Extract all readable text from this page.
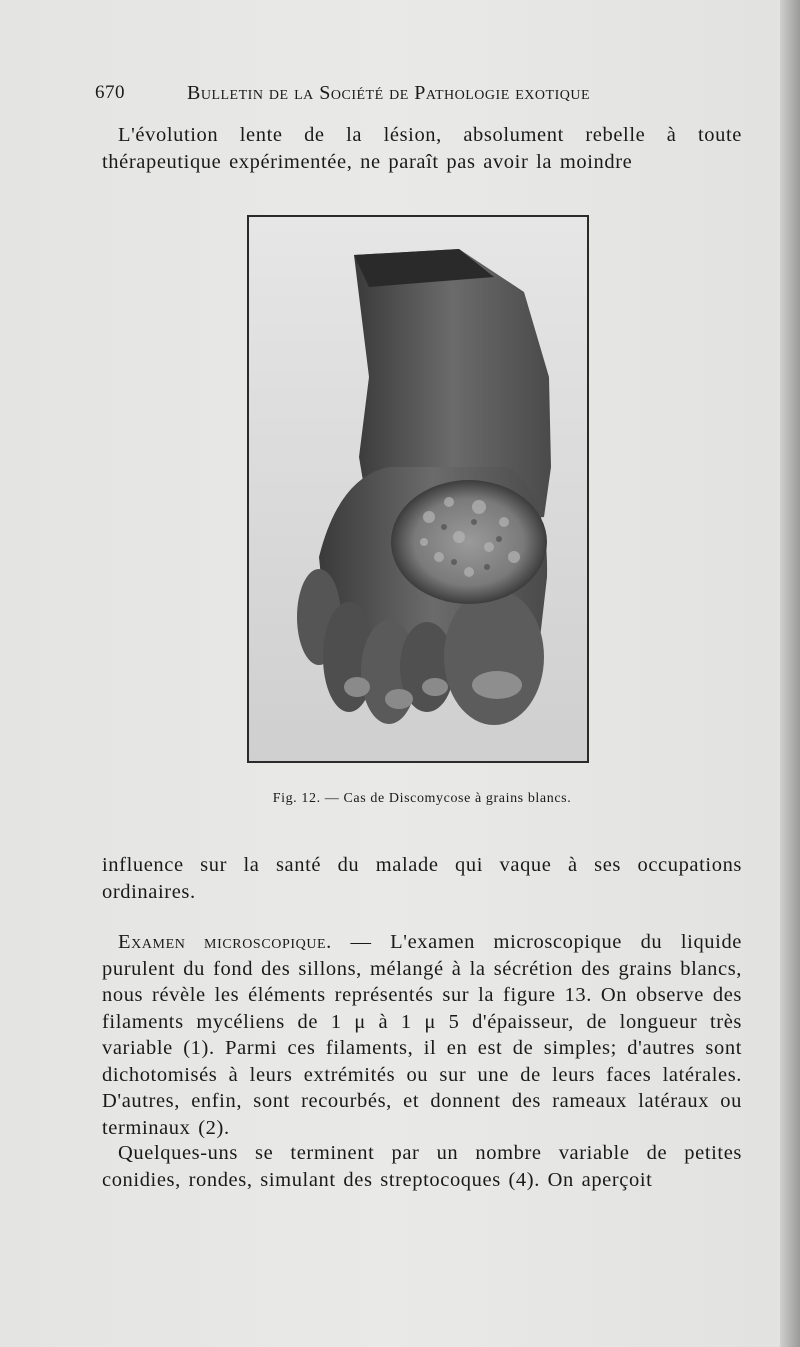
670	Bulletin de la Société de Pathologie exotique

L'évolution lente de la lésion, absolument rebelle à toute thérapeutique expérimentée, ne paraît pas avoir la moindre

Fig. 12. — Cas de Discomycose à grains blancs.

influence sur la santé du malade qui vaque à ses occupations ordinaires.

Examen microscopique. — L'examen microscopique du liquide purulent du fond des sillons, mélangé à la sécrétion des grains blancs, nous révèle les éléments représentés sur la figure 13. On observe des filaments mycéliens de 1 μ à 1 μ 5 d'épaisseur, de longueur très variable (1). Parmi ces filaments, il en est de simples; d'autres sont dichotomisés à leurs extrémités ou sur une de leurs faces latérales. D'autres, enfin, sont recourbés, et donnent des rameaux latéraux ou terminaux (2).

Quelques-uns se terminent par un nombre variable de petites conidies, rondes, simulant des streptocoques (4). On aperçoit
